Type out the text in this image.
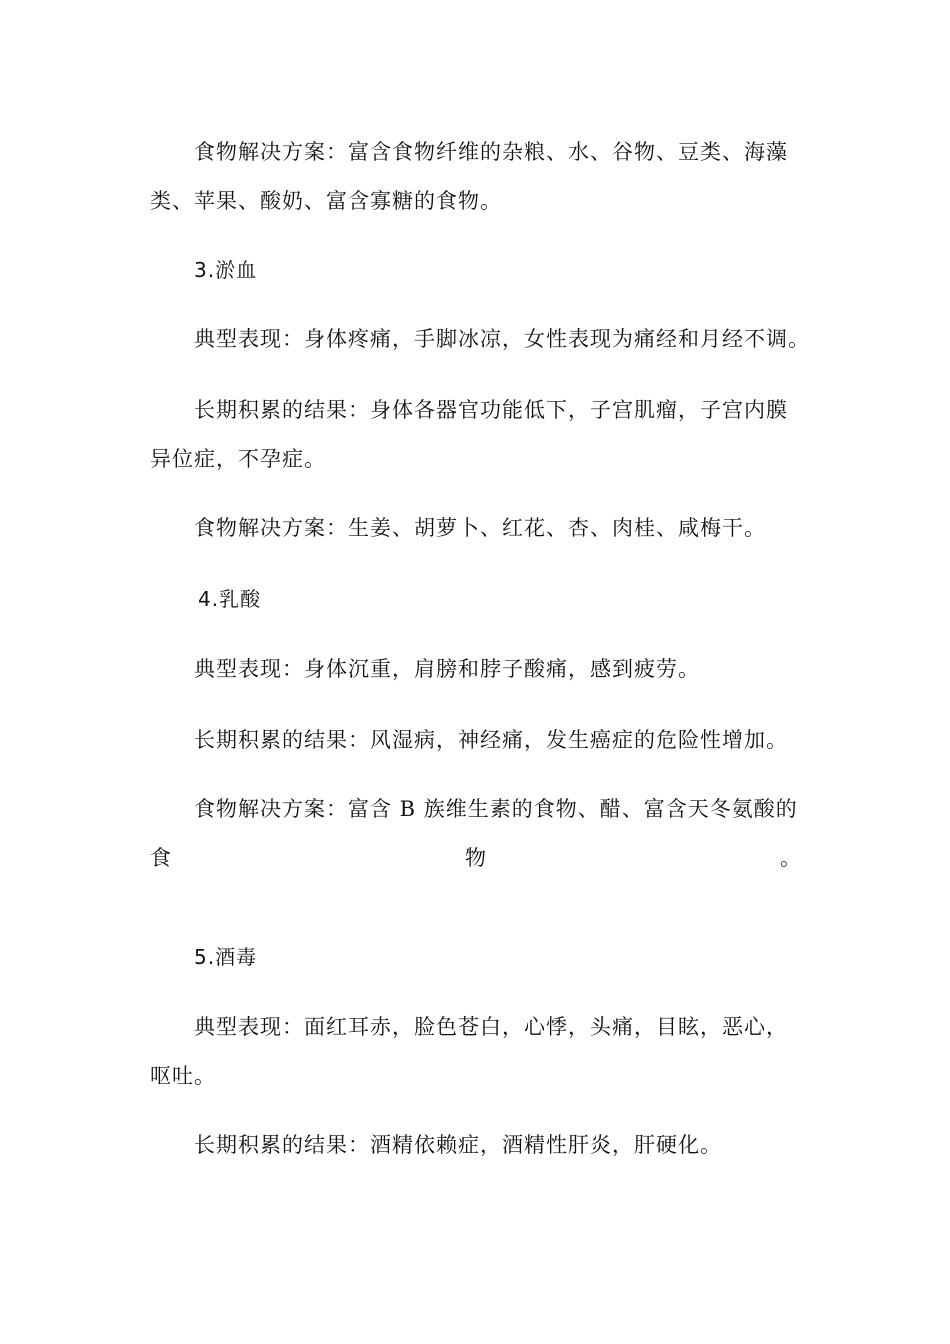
食物解决方案：富含食物纤维的杂粮、水、谷物、豆类、海藻
类、苹果、酸奶、富含寡糖的食物。
3.淤血
典型表现：身体疼痛，手脚冰凉，女性表现为痛经和月经不调。
长期积累的结果：身体各器官功能低下，子宫肌瘤，子宫内膜
异位症，不孕症。
食物解决方案：生姜、胡萝卜、红花、杏、肉桂、咸梅干。
4.乳酸
典型表现：身体沉重，肩膀和脖子酸痛，感到疲劳。
长期积累的结果：风湿病，神经痛，发生癌症的危险性增加。
食物解决方案：富含 B 族维生素的食物、醋、富含天冬氨酸的
食	物	。
5.酒毒
典型表现：面红耳赤，脸色苍白，心悸，头痛，目眩，恶心，
呕吐。
长期积累的结果：酒精依赖症，酒精性肝炎，肝硬化。
